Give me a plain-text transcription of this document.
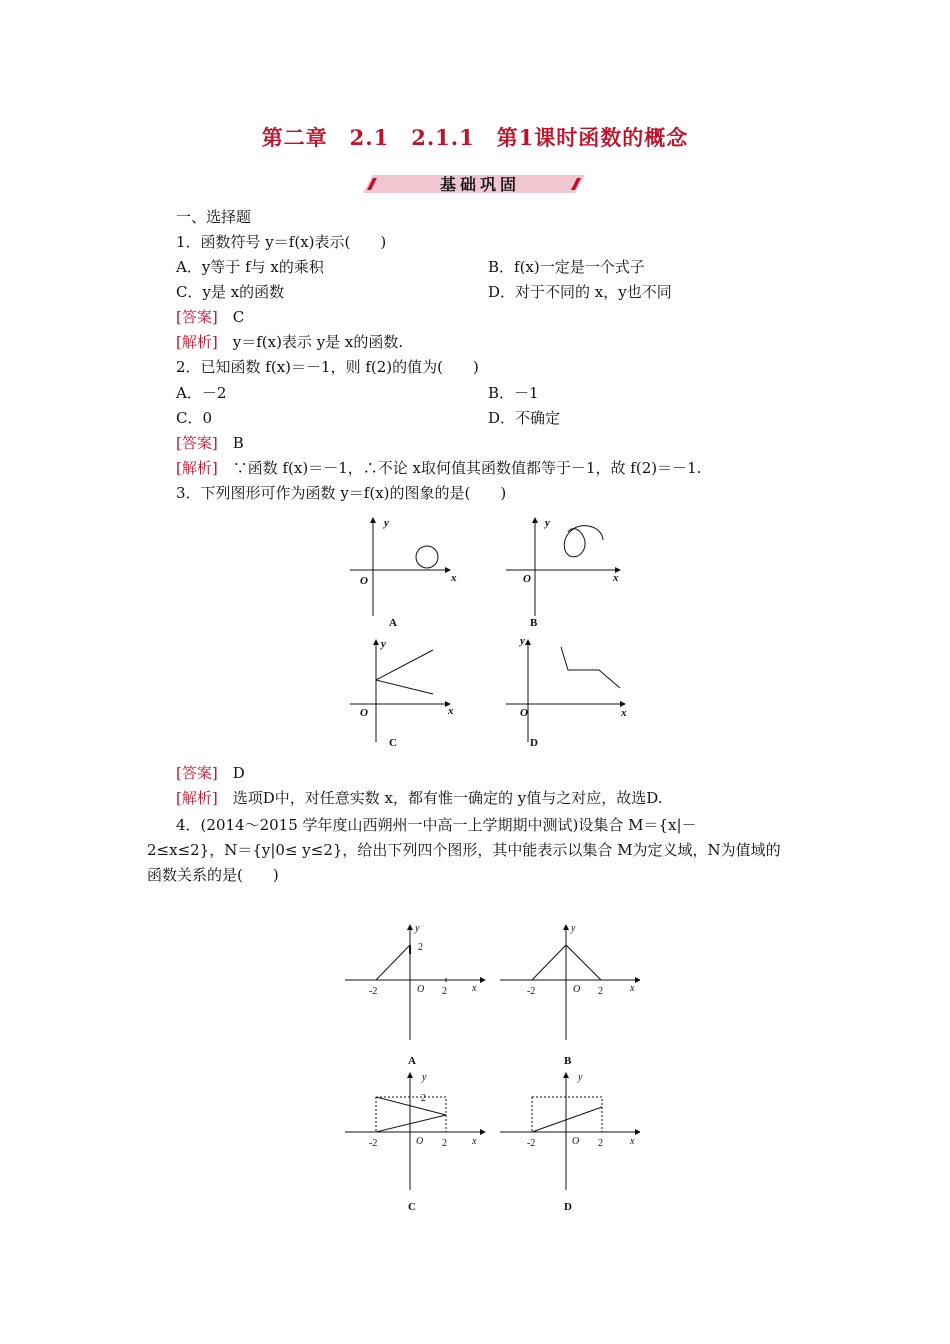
第二章　2.1　2.1.1　第1课时函数的概念
基 础 巩 固
一、选择题
1．函数符号 y＝f(x)表示(　　)
A．y等于 f与 x的乘积	B．f(x)一定是一个式子
C．y是 x的函数	D．对于不同的 x，y也不同
[答案]　 C
[解析]　 y＝f(x)表示 y是 x的函数.
2．已知函数 f(x)＝－1，则 f(2)的值为(　　)
A．－2	B．－1
C．0	D．不确定
[答案]　 B
[解析]　 ∵函数 f(x)＝－1，∴不论 x取何值其函数值都等于－1，故 f(2)＝－1.
3．下列图形可作为函数 y＝f(x)的图象的是(　　)
y
x
O
y
x
O
y
x
O
y
x
O
A	B
C	D
[答案]　 D
[解析]　 选项D中，对任意实数 x，都有惟一确定的 y值与之对应，故选D.
4．(2014～2015 学年度山西朔州一中高一上学期期中测试)设集合 M＝{x|－
2≤x≤2}，N＝{y|0≤ y≤2}，给出下列四个图形，其中能表示以集合 M为定义域，N为值域的
函数关系的是(　　)
y
x
2
-2	O 2
y
x
-2	O 2
y
x
2
-2	O 2
y
x
-2	O 2
A	B
C	D
